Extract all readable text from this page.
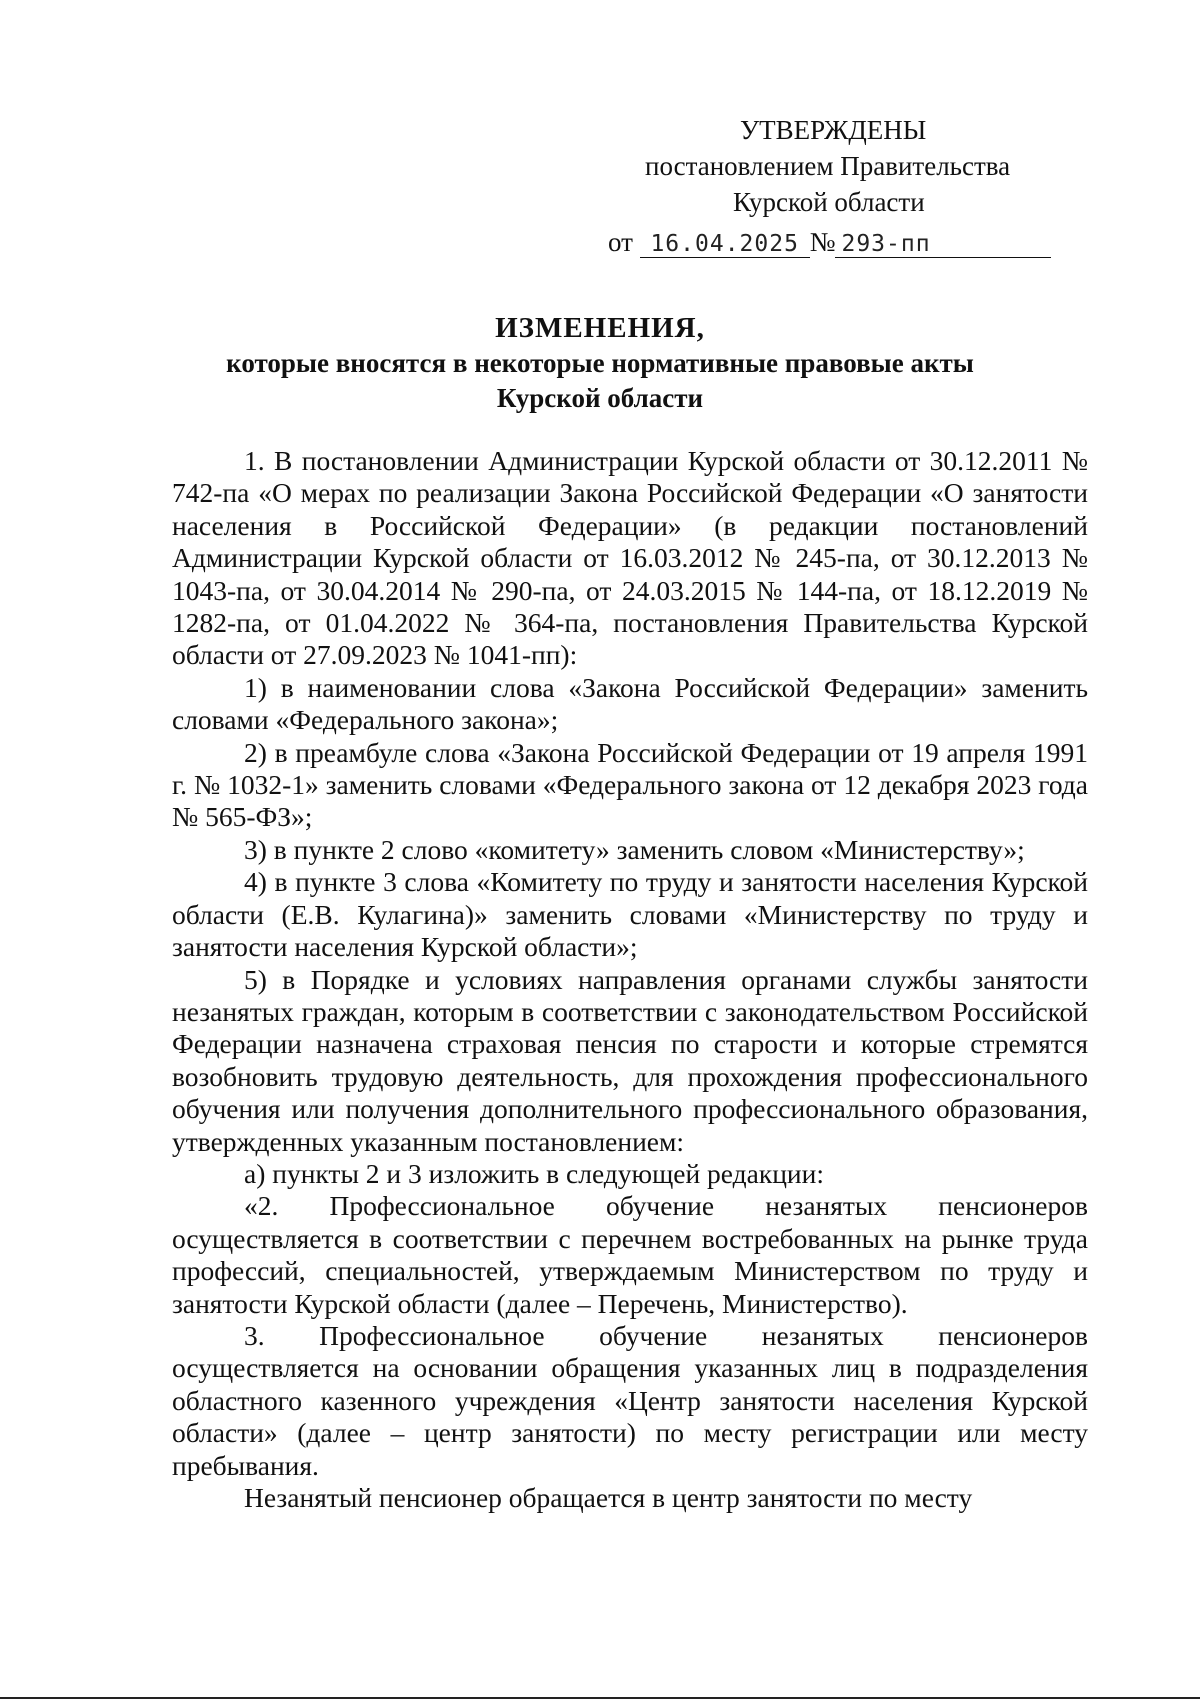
УТВЕРЖДЕНЫ
постановлением Правительства
Курской области
от 16.04.2025 № 293-пп
ИЗМЕНЕНИЯ,
которые вносятся в некоторые нормативные правовые акты
Курской области

1. В постановлении Администрации Курской области от 30.12.2011 № 742-па «О мерах по реализации Закона Российской Федерации «О занятости населения в Российской Федерации» (в редакции постановлений Администрации Курской области от 16.03.2012 № 245-па, от 30.12.2013 № 1043-па, от 30.04.2014 № 290-па, от 24.03.2015 № 144-па, от 18.12.2019 № 1282-па, от 01.04.2022 № 364-па, постановления Правительства Курской области от 27.09.2023 № 1041-пп):

1) в наименовании слова «Закона Российской Федерации» заменить словами «Федерального закона»;

2) в преамбуле слова «Закона Российской Федерации от 19 апреля 1991 г. № 1032-1» заменить словами «Федерального закона от 12 декабря 2023 года № 565-ФЗ»;

3) в пункте 2 слово «комитету» заменить словом «Министерству»;

4) в пункте 3 слова «Комитету по труду и занятости населения Курской области (Е.В. Кулагина)» заменить словами «Министерству по труду и занятости населения Курской области»;

5) в Порядке и условиях направления органами службы занятости незанятых граждан, которым в соответствии с законодательством Российской Федерации назначена страховая пенсия по старости и которые стремятся возобновить трудовую деятельность, для прохождения профессионального обучения или получения дополнительного профессионального образования, утвержденных указанным постановлением:

а) пункты 2 и 3 изложить в следующей редакции:

«2. Профессиональное обучение незанятых пенсионеров осуществляется в соответствии с перечнем востребованных на рынке труда профессий, специальностей, утверждаемым Министерством по труду и занятости Курской области (далее – Перечень, Министерство).

3. Профессиональное обучение незанятых пенсионеров осуществляется на основании обращения указанных лиц в подразделения областного казенного учреждения «Центр занятости населения Курской области» (далее – центр занятости) по месту регистрации или месту пребывания.

Незанятый пенсионер обращается в центр занятости по месту
